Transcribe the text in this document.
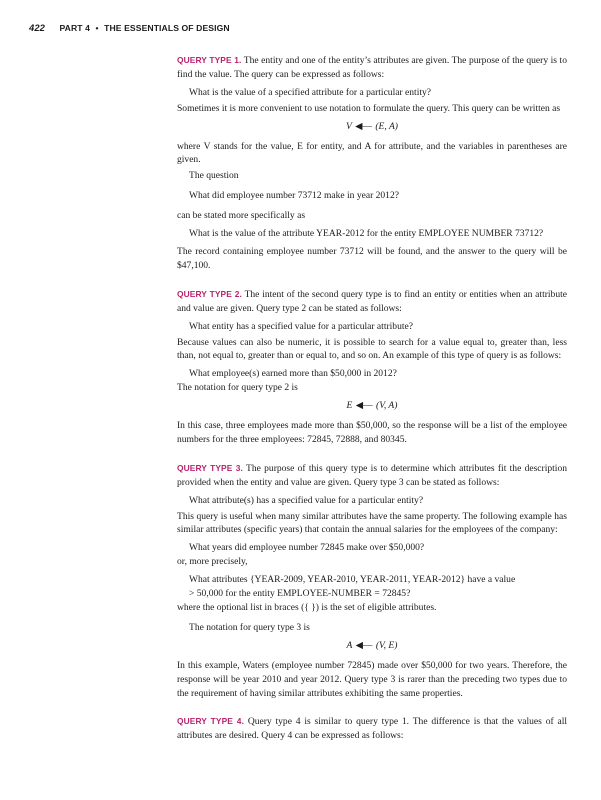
422 PART 4 • THE ESSENTIALS OF DESIGN

QUERY TYPE 1. The entity and one of the entity’s attributes are given. The purpose of the query is to find the value. The query can be expressed as follows:

What is the value of a specified attribute for a particular entity?

Sometimes it is more convenient to use notation to formulate the query. This query can be written as

V ◀— (E, A)

where V stands for the value, E for entity, and A for attribute, and the variables in parentheses are given.

The question

What did employee number 73712 make in year 2012?

can be stated more specifically as

What is the value of the attribute YEAR-2012 for the entity EMPLOYEE NUMBER 73712?

The record containing employee number 73712 will be found, and the answer to the query will be $47,100.

QUERY TYPE 2. The intent of the second query type is to find an entity or entities when an attribute and value are given. Query type 2 can be stated as follows:

What entity has a specified value for a particular attribute?

Because values can also be numeric, it is possible to search for a value equal to, greater than, less than, not equal to, greater than or equal to, and so on. An example of this type of query is as follows:

What employee(s) earned more than $50,000 in 2012?

The notation for query type 2 is

E ◀— (V, A)

In this case, three employees made more than $50,000, so the response will be a list of the employee numbers for the three employees: 72845, 72888, and 80345.

QUERY TYPE 3. The purpose of this query type is to determine which attributes fit the description provided when the entity and value are given. Query type 3 can be stated as follows:

What attribute(s) has a specified value for a particular entity?

This query is useful when many similar attributes have the same property. The following example has similar attributes (specific years) that contain the annual salaries for the employees of the company:

What years did employee number 72845 make over $50,000?

or, more precisely,

What attributes {YEAR-2009, YEAR-2010, YEAR-2011, YEAR-2012} have a value

> 50,000 for the entity EMPLOYEE-NUMBER = 72845?

where the optional list in braces ({ }) is the set of eligible attributes.

The notation for query type 3 is

A ◀— (V, E)

In this example, Waters (employee number 72845) made over $50,000 for two years. Therefore, the response will be year 2010 and year 2012. Query type 3 is rarer than the preceding two types due to the requirement of having similar attributes exhibiting the same properties.

QUERY TYPE 4. Query type 4 is similar to query type 1. The difference is that the values of all attributes are desired. Query 4 can be expressed as follows:
